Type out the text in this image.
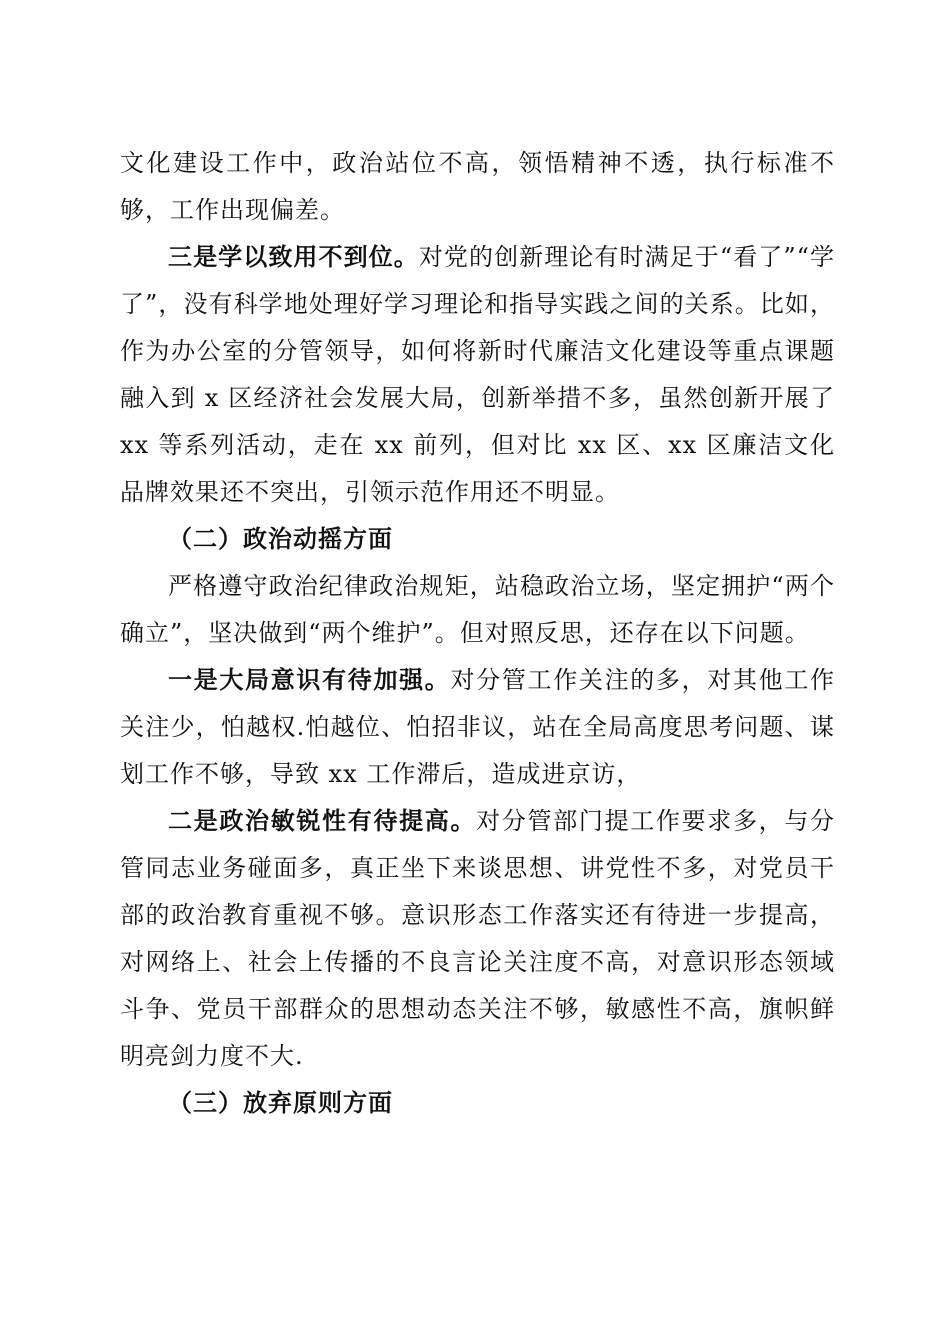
文化建设工作中，政治站位不高，领悟精神不透，执行标准不够，工作出现偏差。

三是学以致用不到位。对党的创新理论有时满足于“看了”“学了”，没有科学地处理好学习理论和指导实践之间的关系。比如，作为办公室的分管领导，如何将新时代廉洁文化建设等重点课题融入到 x 区经济社会发展大局，创新举措不多，虽然创新开展了 xx 等系列活动，走在 xx 前列，但对比 xx 区、xx 区廉洁文化品牌效果还不突出，引领示范作用还不明显。

（二）政治动摇方面

严格遵守政治纪律政治规矩，站稳政治立场，坚定拥护“两个确立”，坚决做到“两个维护”。但对照反思，还存在以下问题。

一是大局意识有待加强。对分管工作关注的多，对其他工作关注少，怕越权.怕越位、怕招非议，站在全局高度思考问题、谋划工作不够，导致 xx 工作滞后，造成进京访，

二是政治敏锐性有待提高。对分管部门提工作要求多，与分管同志业务碰面多，真正坐下来谈思想、讲党性不多，对党员干部的政治教育重视不够。意识形态工作落实还有待进一步提高，对网络上、社会上传播的不良言论关注度不高，对意识形态领域斗争、党员干部群众的思想动态关注不够，敏感性不高，旗帜鲜明亮剑力度不大.

（三）放弃原则方面
